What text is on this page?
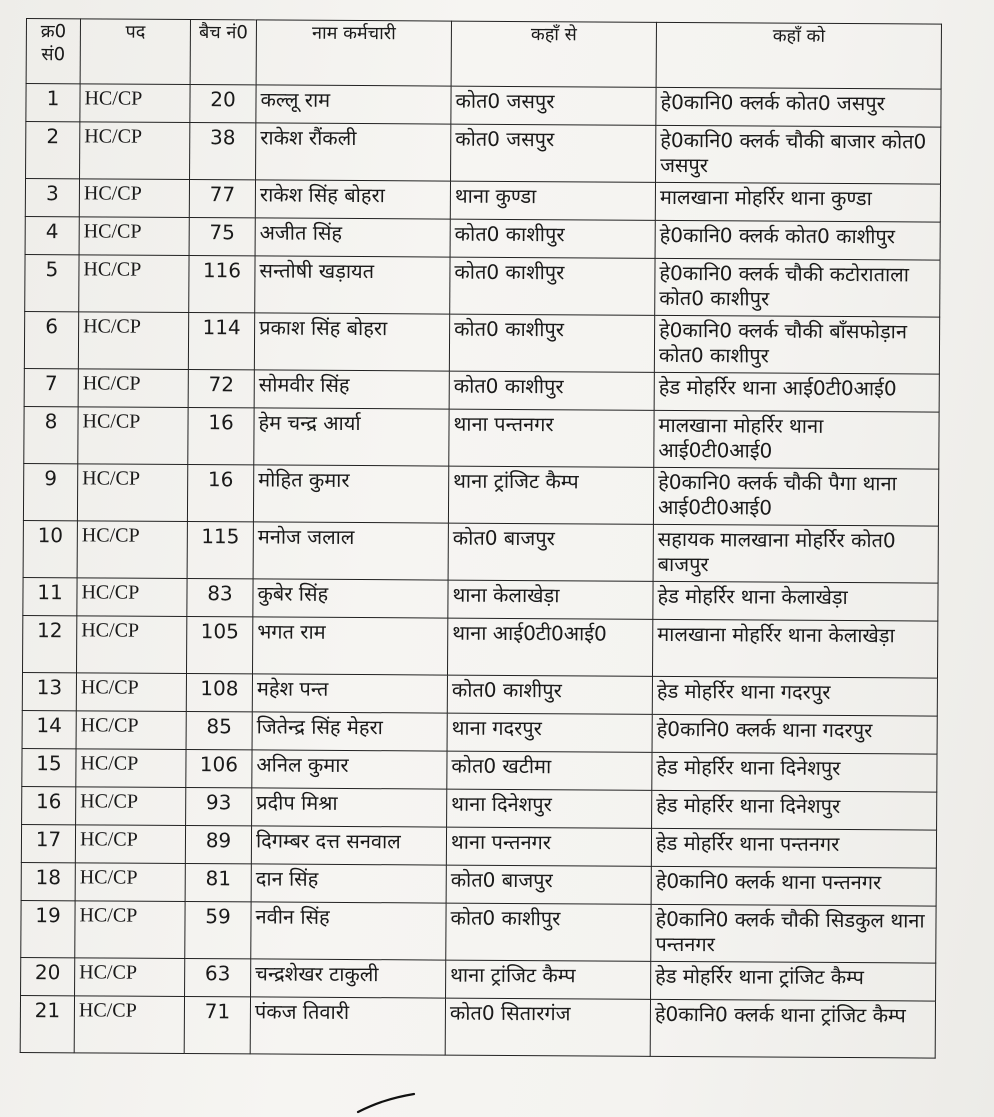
क्र0 सं0	पद	बैच नं0	नाम कर्मचारी	कहाँ से	कहाँ को
1	HC/CP	20	कल्लू राम	कोत0 जसपुर	हे0कानि0 क्लर्क कोत0 जसपुर
2	HC/CP	38	राकेश रौंकली	कोत0 जसपुर	हे0कानि0 क्लर्क चौकी बाजार कोत0 जसपुर
3	HC/CP	77	राकेश सिंह बोहरा	थाना कुण्डा	मालखाना मोहर्रिर थाना कुण्डा
4	HC/CP	75	अजीत सिंह	कोत0 काशीपुर	हे0कानि0 क्लर्क कोत0 काशीपुर
5	HC/CP	116	सन्तोषी खड़ायत	कोत0 काशीपुर	हे0कानि0 क्लर्क चौकी कटोराताला कोत0 काशीपुर
6	HC/CP	114	प्रकाश सिंह बोहरा	कोत0 काशीपुर	हे0कानि0 क्लर्क चौकी बाँसफोड़ान कोत0 काशीपुर
7	HC/CP	72	सोमवीर सिंह	कोत0 काशीपुर	हेड मोहर्रिर थाना आई0टी0आई0
8	HC/CP	16	हेम चन्द्र आर्या	थाना पन्तनगर	मालखाना मोहर्रिर थाना आई0टी0आई0
9	HC/CP	16	मोहित कुमार	थाना ट्रांजिट कैम्प	हे0कानि0 क्लर्क चौकी पैगा थाना आई0टी0आई0
10	HC/CP	115	मनोज जलाल	कोत0 बाजपुर	सहायक मालखाना मोहर्रिर कोत0 बाजपुर
11	HC/CP	83	कुबेर सिंह	थाना केलाखेड़ा	हेड मोहर्रिर थाना केलाखेड़ा
12	HC/CP	105	भगत राम	थाना आई0टी0आई0	मालखाना मोहर्रिर थाना केलाखेड़ा
13	HC/CP	108	महेश पन्त	कोत0 काशीपुर	हेड मोहर्रिर थाना गदरपुर
14	HC/CP	85	जितेन्द्र सिंह मेहरा	थाना गदरपुर	हे0कानि0 क्लर्क थाना गदरपुर
15	HC/CP	106	अनिल कुमार	कोत0 खटीमा	हेड मोहर्रिर थाना दिनेशपुर
16	HC/CP	93	प्रदीप मिश्रा	थाना दिनेशपुर	हेड मोहर्रिर थाना दिनेशपुर
17	HC/CP	89	दिगम्बर दत्त सनवाल	थाना पन्तनगर	हेड मोहर्रिर थाना पन्तनगर
18	HC/CP	81	दान सिंह	कोत0 बाजपुर	हे0कानि0 क्लर्क थाना पन्तनगर
19	HC/CP	59	नवीन सिंह	कोत0 काशीपुर	हे0कानि0 क्लर्क चौकी सिडकुल थाना पन्तनगर
20	HC/CP	63	चन्द्रशेखर टाकुली	थाना ट्रांजिट कैम्प	हेड मोहर्रिर थाना ट्रांजिट कैम्प
21	HC/CP	71	पंकज तिवारी	कोत0 सितारगंज	हे0कानि0 क्लर्क थाना ट्रांजिट कैम्प
